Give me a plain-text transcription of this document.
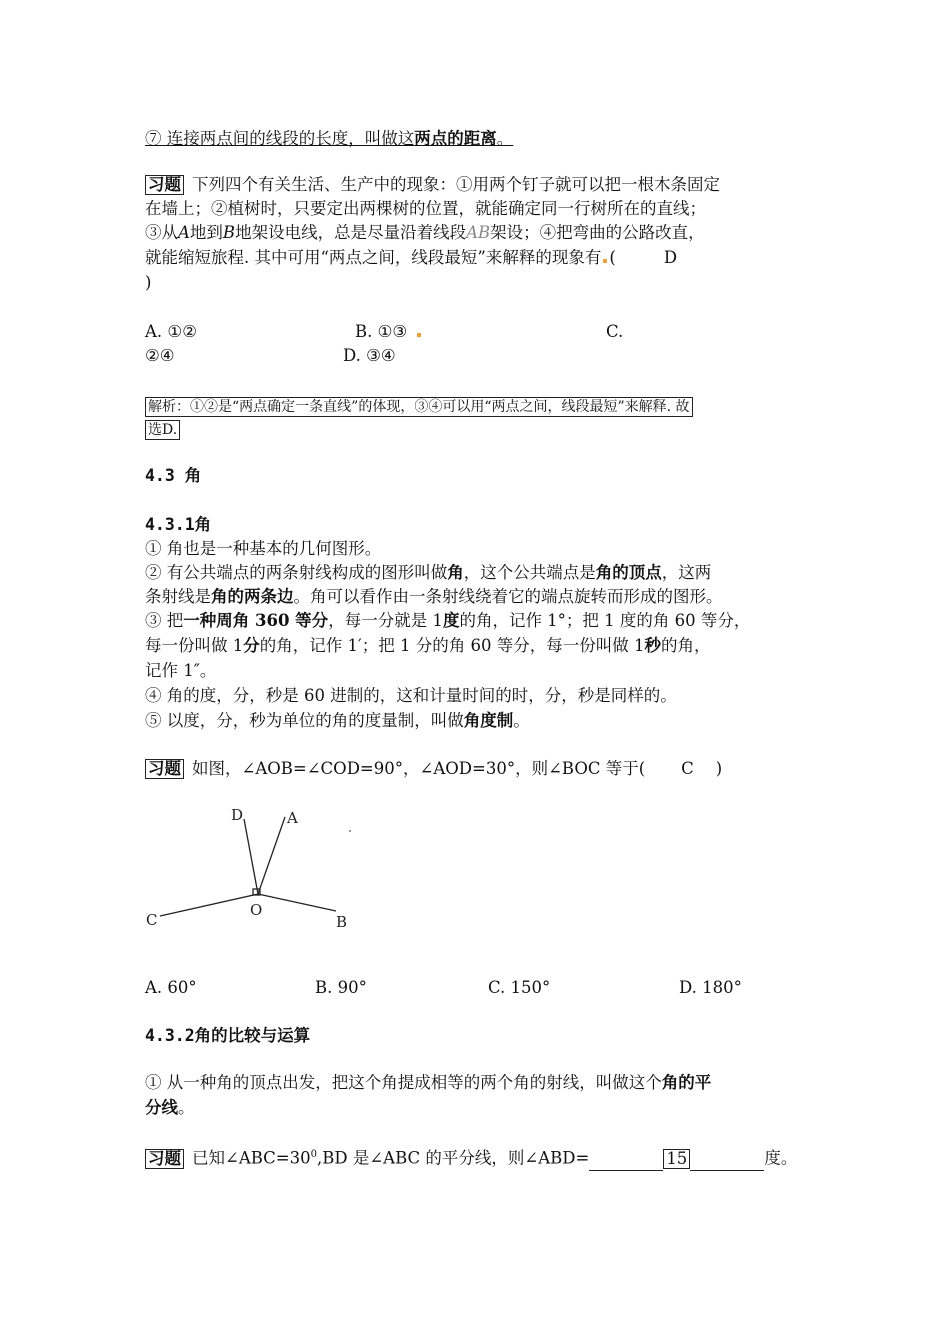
⑦ 连接两点间的线段的长度，叫做这两点的距离。
习题 下列四个有关生活、生产中的现象：①用两个钉子就可以把一根木条固定
在墙上；②植树时，只要定出两棵树的位置，就能确定同一行树所在的直线；
③从A地到B地架设电线，总是尽量沿着线段AB架设；④把弯曲的公路改直，
就能缩短旅程. 其中可用“两点之间，线段最短”来解释的现象有 (	D
)
A. ①②	B. ①③	C.
②④	D. ③④
解析：①②是“两点确定一条直线”的体现，③④可以用“两点之间，线段最短”来解释. 故
选D.
4.3 角
4.3.1角
① 角也是一种基本的几何图形。
② 有公共端点的两条射线构成的图形叫做角，这个公共端点是角的顶点，这两
条射线是角的两条边。角可以看作由一条射线绕着它的端点旋转而形成的图形。
③ 把一种周角 360 等分，每一分就是 1度的角，记作 1°；把 1 度的角 60 等分，
每一份叫做 1分的角，记作 1′；把 1 分的角 60 等分，每一份叫做 1秒的角，
记作 1″。
④ 角的度，分，秒是 60 进制的，这和计量时间的时，分，秒是同样的。
⑤ 以度，分，秒为单位的角的度量制，叫做角度制。
习题 如图，∠AOB=∠COD=90°，∠AOD=30°，则∠BOC 等于( C )
D	A
C
O
B
A. 60°	B. 90°	C. 150°	D. 180°
4.3.2角的比较与运算
① 从一种角的顶点出发，把这个角提成相等的两个角的射线，叫做这个角的平
分线。
习题 已知$\angle ABC=30^0,BD$ 是∠ABC 的平分线，则∠ABD=	15	度。
